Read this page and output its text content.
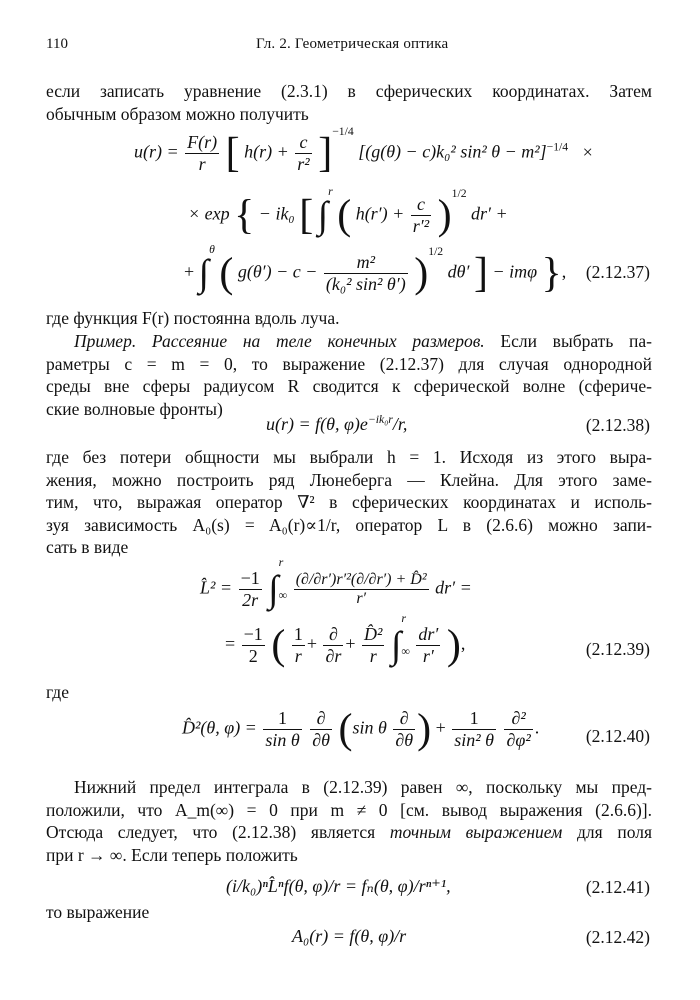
110	Гл. 2. Геометрическая оптика
если записать уравнение (2.3.1) в сферических координатах. Затем
обычным образом можно получить
$u(r) = \frac{F(r)}{r}$ [ $h(r) + \frac{c}{\text{r²}} ]^{-1/4}$ [(g(θ) − c)k₀² sin² θ − m²]$^{-1/4}$ ×
× exp { − ik₀ [ ∫$^r$ ( $h(r') + \frac{c}{\text{r′²}} )^{1/2}$ dr′ +
+ ∫$^\theta$ ( $g(\theta') - c - \frac{\text{m²}}{\text{(k₀² sin² θ′)}} )^{1/2}$ dθ′ ] − imφ }, (2.12.37)
где функция F(r) постоянна вдоль луча.
Пример. Рассеяние на теле конечных размеров. Если выбрать па-
раметры c = m = 0, то выражение (2.12.37) для случая однородной
среды вне сферы радиусом R сводится к сферической волне (сфериче-
ские волновые фронты)
u(r) = f(θ, $\varphi)e^{-ik_0r}/r$,	(2.12.38)
где без потери общности мы выбрали h = 1. Исходя из этого выра-
жения, можно построить ряд Люнеберга — Клейна. Для этого заме-
тим, что, выражая оператор ∇² в сферических координатах и исполь-
зуя зависимость A₀(s) = A₀(r)∝1/r, оператор L в (2.6.6) можно запи-
сать в виде
L̂² = $\frac{-1}{2r}$ ∫
r
∞
$\frac{\text{(∂/∂r′)r′²(∂/∂r′) + D̂²}}{r'} dr'$ =
= $\frac{-1}{2}$ ( $\frac{1}{r} + \frac{\partial}{\partial r} + \frac{\text{D̂²}}{r}$ ∫
r
∞
$\frac{dr'}{r'}$ ),	(2.12.39)
где
D̂²(θ, $\varphi) = \frac{1}{\text{sin θ}}$
$\frac{\partial}{\partial\theta} (\sin$ θ $\frac{\partial}{\partial\theta}$ ) + $\frac{1}{\text{sin² θ}}$
$\frac{\text{∂²}}{\text{∂φ²}}$ .	(2.12.40)
Нижний предел интеграла в (2.12.39) равен ∞, поскольку мы пред-
положили, что A_m(∞) = 0 при m ≠ 0 [см. вывод выражения (2.6.6)].
Отсюда следует, что (2.12.38) является точным выражением для поля
при r → ∞. Если теперь положить
(i/k₀)ⁿL̂ⁿf(θ, φ)/r = fₙ(θ, φ)/rⁿ⁺¹,	(2.12.41)
то выражение
A₀(r) = f(θ, φ)/r	(2.12.42)
